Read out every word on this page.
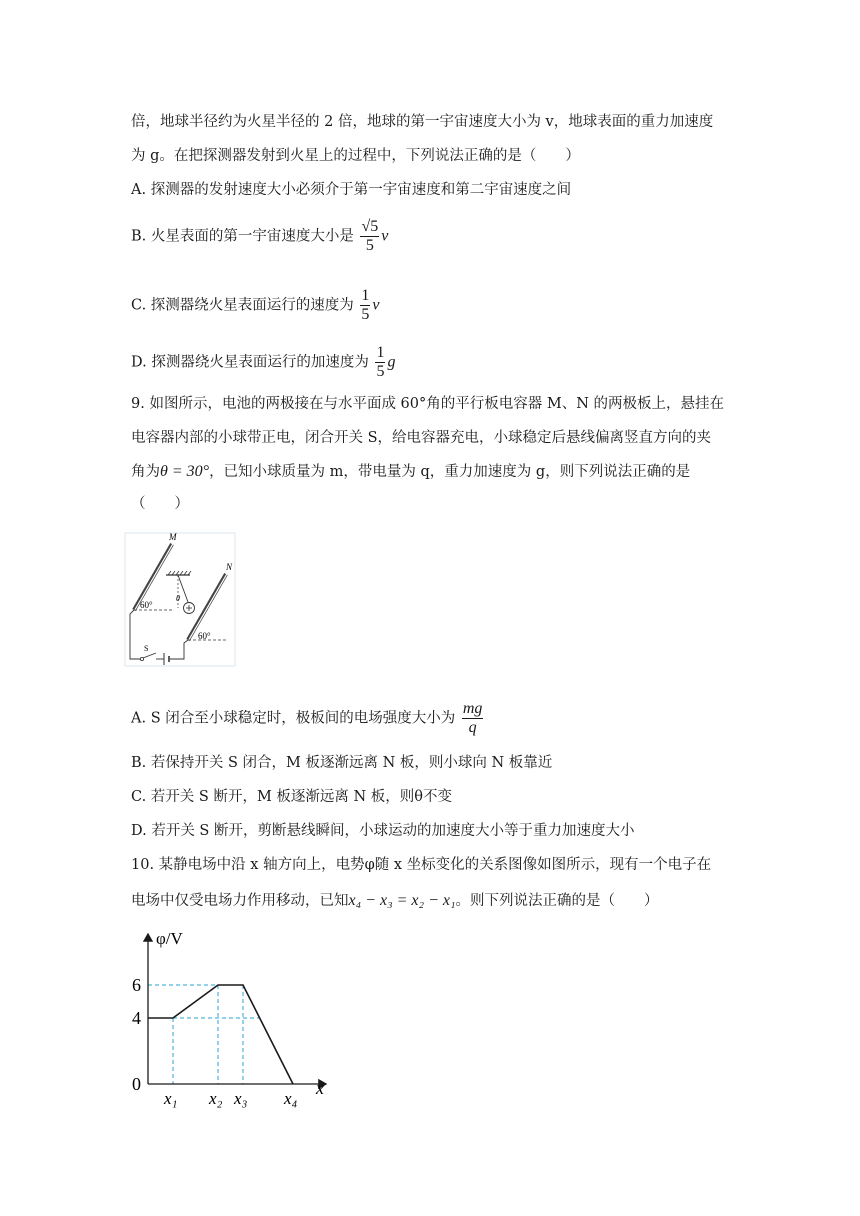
倍，地球半径约为火星半径的 2 倍，地球的第一宇宙速度大小为 v，地球表面的重力加速度
为 g。在把探测器发射到火星上的过程中，下列说法正确的是（　　）
A. 探测器的发射速度大小必须介于第一宇宙速度和第二宇宙速度之间
B. 火星表面的第一宇宙速度大小是 $\frac{√5}{5}$ v
C. 探测器绕火星表面运行的速度为 $\frac{1}{5}$ v
D. 探测器绕火星表面运行的加速度为 $\frac{1}{5}$ g
9. 如图所示，电池的两极接在与水平面成 60°角的平行板电容器 M、N 的两极板上，悬挂在
电容器内部的小球带正电，闭合开关 S，给电容器充电，小球稳定后悬线偏离竖直方向的夹
角为θ = 30°，已知小球质量为 m，带电量为 q，重力加速度为 g，则下列说法正确的是
（　　）
M
60°
θ
N
60°
S
A. S 闭合至小球稳定时，极板间的电场强度大小为 $\frac{mg}{q}$
B. 若保持开关 S 闭合，M 板逐渐远离 N 板，则小球向 N 板靠近
C. 若开关 S 断开，M 板逐渐远离 N 板，则θ不变
D. 若开关 S 断开，剪断悬线瞬间，小球运动的加速度大小等于重力加速度大小
10. 某静电场中沿 x 轴方向上，电势φ随 x 坐标变化的关系图像如图所示，现有一个电子在
电场中仅受电场力作用移动，已知x₄ − x₃ = x₂ − x₁。则下列说法正确的是（　　）
φ/V
x
0
4
6
x₁ x₂ x₃ x₄
